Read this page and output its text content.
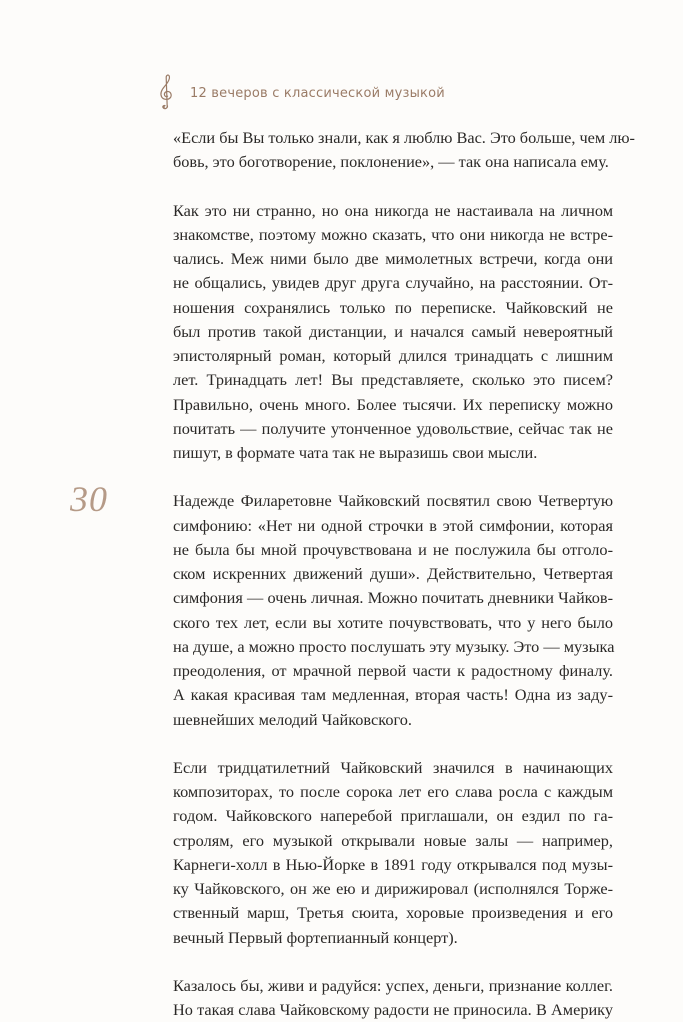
12 вечеров с классической музыкой
30

«Если бы Вы только знали, как я люблю Вас. Это больше, чем лю-
бовь, это боготворение, поклонение», — так она написала ему.

Как это ни странно, но она никогда не настаивала на личном
знакомстве, поэтому можно сказать, что они никогда не встре-
чались. Меж ними было две мимолетных встречи, когда они
не общались, увидев друг друга случайно, на расстоянии. От-
ношения сохранялись только по переписке. Чайковский не
был против такой дистанции, и начался самый невероятный
эпистолярный роман, который длился тринадцать с лишним
лет. Тринадцать лет! Вы представляете, сколько это писем?
Правильно, очень много. Более тысячи. Их переписку можно
почитать — получите утонченное удовольствие, сейчас так не
пишут, в формате чата так не выразишь свои мысли.

Надежде Филаретовне Чайковский посвятил свою Четвертую
симфонию: «Нет ни одной строчки в этой симфонии, которая
не была бы мной прочувствована и не послужила бы отголо-
ском искренних движений души». Действительно, Четвертая
симфония — очень личная. Можно почитать дневники Чайков-
ского тех лет, если вы хотите почувствовать, что у него было
на душе, а можно просто послушать эту музыку. Это — музыка
преодоления, от мрачной первой части к радостному финалу.
А какая красивая там медленная, вторая часть! Одна из заду-
шевнейших мелодий Чайковского.

Если тридцатилетний Чайковский значился в начинающих
композиторах, то после сорока лет его слава росла с каждым
годом. Чайковского наперебой приглашали, он ездил по га-
стролям, его музыкой открывали новые залы — например,
Карнеги-холл в Нью-Йорке в 1891 году открывался под музы-
ку Чайковского, он же ею и дирижировал (исполнялся Торже-
ственный марш, Третья сюита, хоровые произведения и его
вечный Первый фортепианный концерт).

Казалось бы, живи и радуйся: успех, деньги, признание коллег.
Но такая слава Чайковскому радости не приносила. В Америку
